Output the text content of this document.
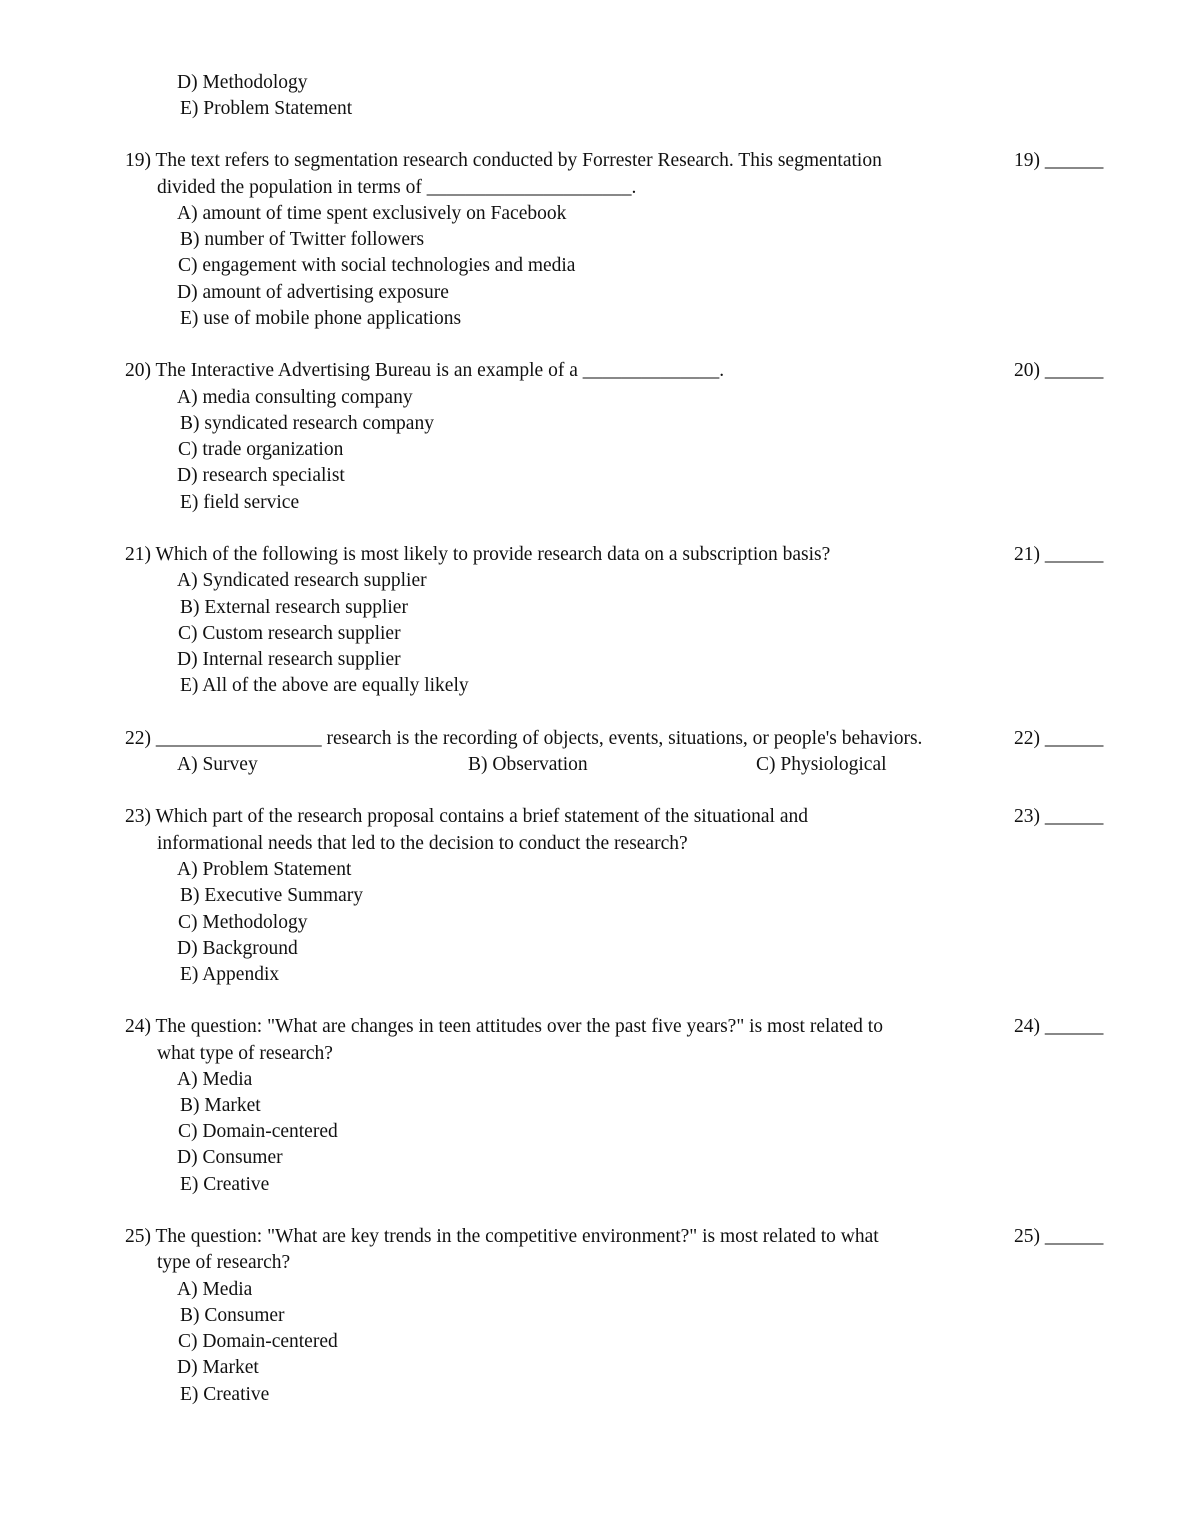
D) Methodology
E) Problem Statement
19) The text refers to segmentation research conducted by Forrester Research. This segmentation	19) ______
divided the population in terms of _____________________.
A) amount of time spent exclusively on Facebook
B) number of Twitter followers
C) engagement with social technologies and media
D) amount of advertising exposure
E) use of mobile phone applications
20) The Interactive Advertising Bureau is an example of a ______________.	20) ______
A) media consulting company
B) syndicated research company
C) trade organization
D) research specialist
E) field service
21) Which of the following is most likely to provide research data on a subscription basis?	21) ______
A) Syndicated research supplier
B) External research supplier
C) Custom research supplier
D) Internal research supplier
E) All of the above are equally likely
22) _________________ research is the recording of objects, events, situations, or people's behaviors.	22) ______
A) Survey	B) Observation	C) Physiological
23) Which part of the research proposal contains a brief statement of the situational and	23) ______
informational needs that led to the decision to conduct the research?
A) Problem Statement
B) Executive Summary
C) Methodology
D) Background
E) Appendix
24) The question: "What are changes in teen attitudes over the past five years?" is most related to	24) ______
what type of research?
A) Media
B) Market
C) Domain-centered
D) Consumer
E) Creative
25) The question: "What are key trends in the competitive environment?" is most related to what	25) ______
type of research?
A) Media
B) Consumer
C) Domain-centered
D) Market
E) Creative
